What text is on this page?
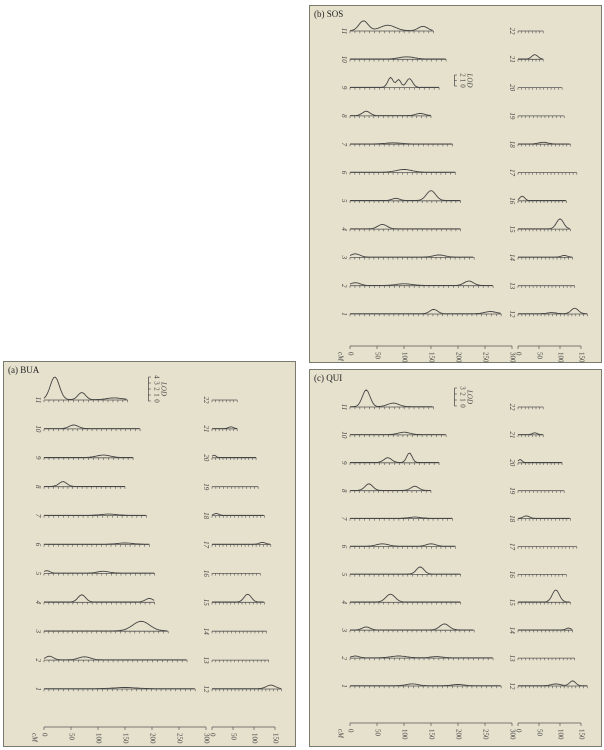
(b) SOS
11
10
9
8
7
6
5
4
3
2
1
0	50	100	150	200	250	300
cM
22
21
20
19
18
17
16
15
14
13
12
0 50 100 150
0
1
2 LOD
(a) BUA
11
10
9
8
7
6
5
4
3
2
1
0	50	100	150	200	250	300
cM
22
21
20
19
18
17
16
15
14
13
12
0 50 100 150
0
1
2
3
4
LOD
(c) QUI
11
10
9
8
7
6
5
4
3
2
1
0	50	100	150	200	250	300
cM
22
21
20
19
18
17
16
15
14
13
12
0 50 100 150
0
1
2
3
LOD
